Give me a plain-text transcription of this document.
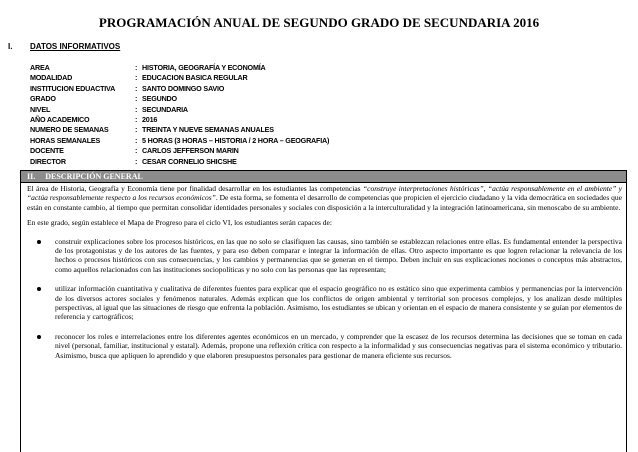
PROGRAMACIÓN ANUAL DE SEGUNDO GRADO DE SECUNDARIA 2016
I. DATOS INFORMATIVOS
AREA	: HISTORIA, GEOGRAFÍA Y ECONOMÍA
MODALIDAD	: EDUCACION BASICA REGULAR
INSTITUCION EDUACTIVA	: SANTO DOMINGO SAVIO
GRADO	: SEGUNDO
NIVEL	: SECUNDARIA
AÑO ACADEMICO	: 2016
NUMERO DE SEMANAS	: TREINTA Y NUEVE SEMANAS ANUALES
HORAS SEMANALES	: 5 HORAS (3 HORAS – HISTORIA / 2 HORA – GEOGRAFIA)
DOCENTE	: CARLOS JEFFERSON MARIN
DIRECTOR	: CESAR CORNELIO SHICSHE
II. DESCRIPCIÓN GENERAL

El área de Historia, Geografía y Economía tiene por finalidad desarrollar en los estudiantes las competencias “construye interpretaciones históricas”, “actúa responsablemente en el ambiente” y “actúa responsablemente respecto a los recursos económicos”. De esta forma, se fomenta el desarrollo de competencias que propicien el ejercicio ciudadano y la vida democrática en sociedades que están en constante cambio, al tiempo que permitan consolidar identidades personales y sociales con disposición a la interculturalidad y la integración latinoamericana, sin menoscabo de su ambiente.

En este grado, según establece el Mapa de Progreso para el ciclo VI, los estudiantes serán capaces de:

construir explicaciones sobre los procesos históricos, en las que no solo se clasifiquen las causas, sino también se establezcan relaciones entre ellas. Es fundamental entender la perspectiva de los protagonistas y de los autores de las fuentes, y para eso deben comparar e integrar la información de ellas. Otro aspecto importante es que logren relacionar la relevancia de los hechos o procesos históricos con sus consecuencias, y los cambios y permanencias que se generan en el tiempo. Deben incluir en sus explicaciones nociones o conceptos más abstractos, como aquellos relacionados con las instituciones sociopolíticas y no solo con las personas que las representan;
utilizar información cuantitativa y cualitativa de diferentes fuentes para explicar que el espacio geográfico no es estático sino que experimenta cambios y permanencias por la intervención de los diversos actores sociales y fenómenos naturales. Además explican que los conflictos de origen ambiental y territorial son procesos complejos, y los analizan desde múltiples perspectivas, al igual que las situaciones de riesgo que enfrenta la población. Asimismo, los estudiantes se ubican y orientan en el espacio de manera consistente y se guían por elementos de referencia y cartográficos;
reconocer los roles e interrelaciones entre los diferentes agentes económicos en un mercado, y comprender que la escasez de los recursos determina las decisiones que se toman en cada nivel (personal, familiar, institucional y estatal). Además, propone una reflexión crítica con respecto a la informalidad y sus consecuencias negativas para el sistema económico y tributario. Asimismo, busca que apliquen lo aprendido y que elaboren presupuestos personales para gestionar de manera eficiente sus recursos.
